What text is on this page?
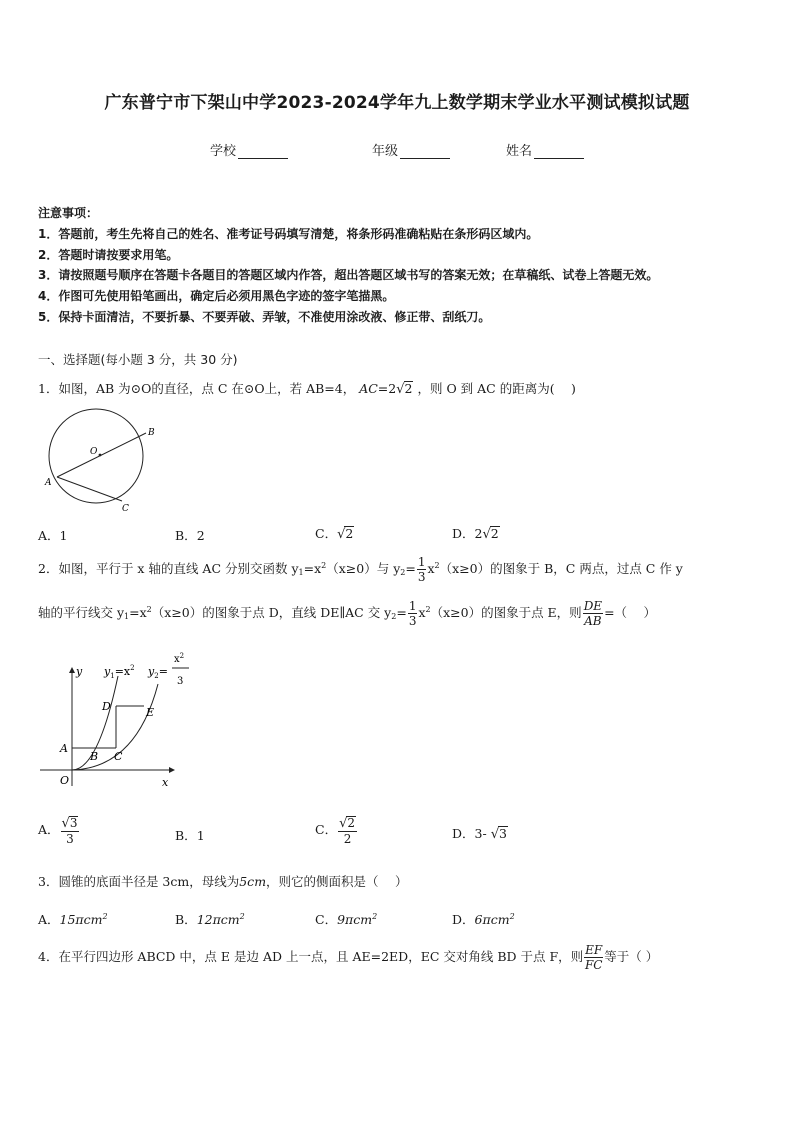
广东普宁市下架山中学2023-2024学年九上数学期末学业水平测试模拟试题
学校	年级	姓名
注意事项：
1．答题前，考生先将自己的姓名、准考证号码填写清楚，将条形码准确粘贴在条形码区域内。
2．答题时请按要求用笔。
3．请按照题号顺序在答题卡各题目的答题区域内作答，超出答题区域书写的答案无效；在草稿纸、试卷上答题无效。
4．作图可先使用铅笔画出，确定后必须用黑色字迹的签字笔描黑。
5．保持卡面清洁，不要折暴、不要弄破、弄皱，不准使用涂改液、修正带、刮纸刀。
一、选择题(每小题 3 分，共 30 分)
1．如图，AB 为⊙O的直径，点 C 在⊙O上，若 AB=4， AC=2√2 ，则 O 到 AC 的距离为(　 )
O
B
A
C
A．1	B．2	C．√2	D．2√2
2．如图，平行于 x 轴的直线 AC 分别交函数 $y_1=x^2(x\ge 0)$与 $y_2= \frac{1}{3} x^2(x\ge 0)$的图象于 B，C 两点，过点 C 作 y
轴的平行线交 $y_1=x^2(x\ge 0)$的图象于点 D，直线 DE∥AC 交 $y_2= \frac{1}{3} x^2(x\ge 0)$的图象于点 E，则 $\frac{DE}{AB}$ =（　 ）
O
y
x
A
B C
D	E
$y_1=x^2$ $y_2=$
$x^2$
3
A． $\frac{√3}{3}$	B．1	C． $\frac{√2}{2}$	D．3- √3
3．圆锥的底面半径是 3cm，母线为5cm，则它的侧面积是（　 ）
A．15πcm$^2$	B．12πcm$^2$	C．9πcm$^2$	D．6πcm$^2$
4．在平行四边形 ABCD 中，点 E 是边 AD 上一点，且 AE=2ED，EC 交对角线 BD 于点 F，则 $\frac{EF}{FC}$ 等于（ ）
